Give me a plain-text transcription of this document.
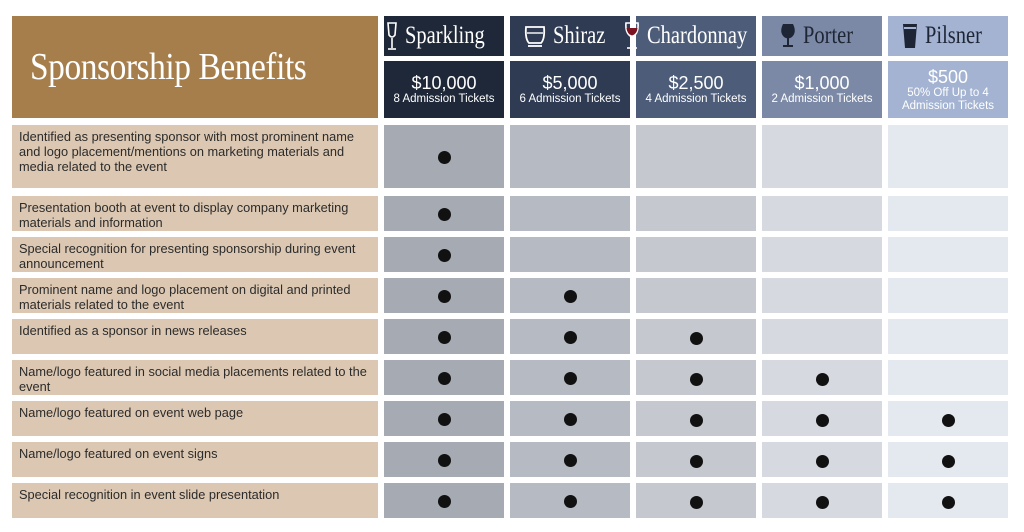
Sponsorship Benefits
Sparkling
$10,000
8 Admission Tickets
Shiraz
$5,000
6 Admission Tickets
Chardonnay
$2,500
4 Admission Tickets
Porter
$1,000
2 Admission Tickets
Pilsner
$500
50% Off Up to 4 Admission Tickets
Identified as presenting sponsor with most prominent name and logo placement/mentions on marketing materials and media related to the event
Presentation booth at event to display company marketing materials and information
Special recognition for presenting sponsorship during event announcement
Prominent name and logo placement on digital and printed materials related to the event
Identified as a sponsor in news releases
Name/logo featured in social media placements related to the event
Name/logo featured on event web page
Name/logo featured on event signs
Special recognition in event slide presentation
